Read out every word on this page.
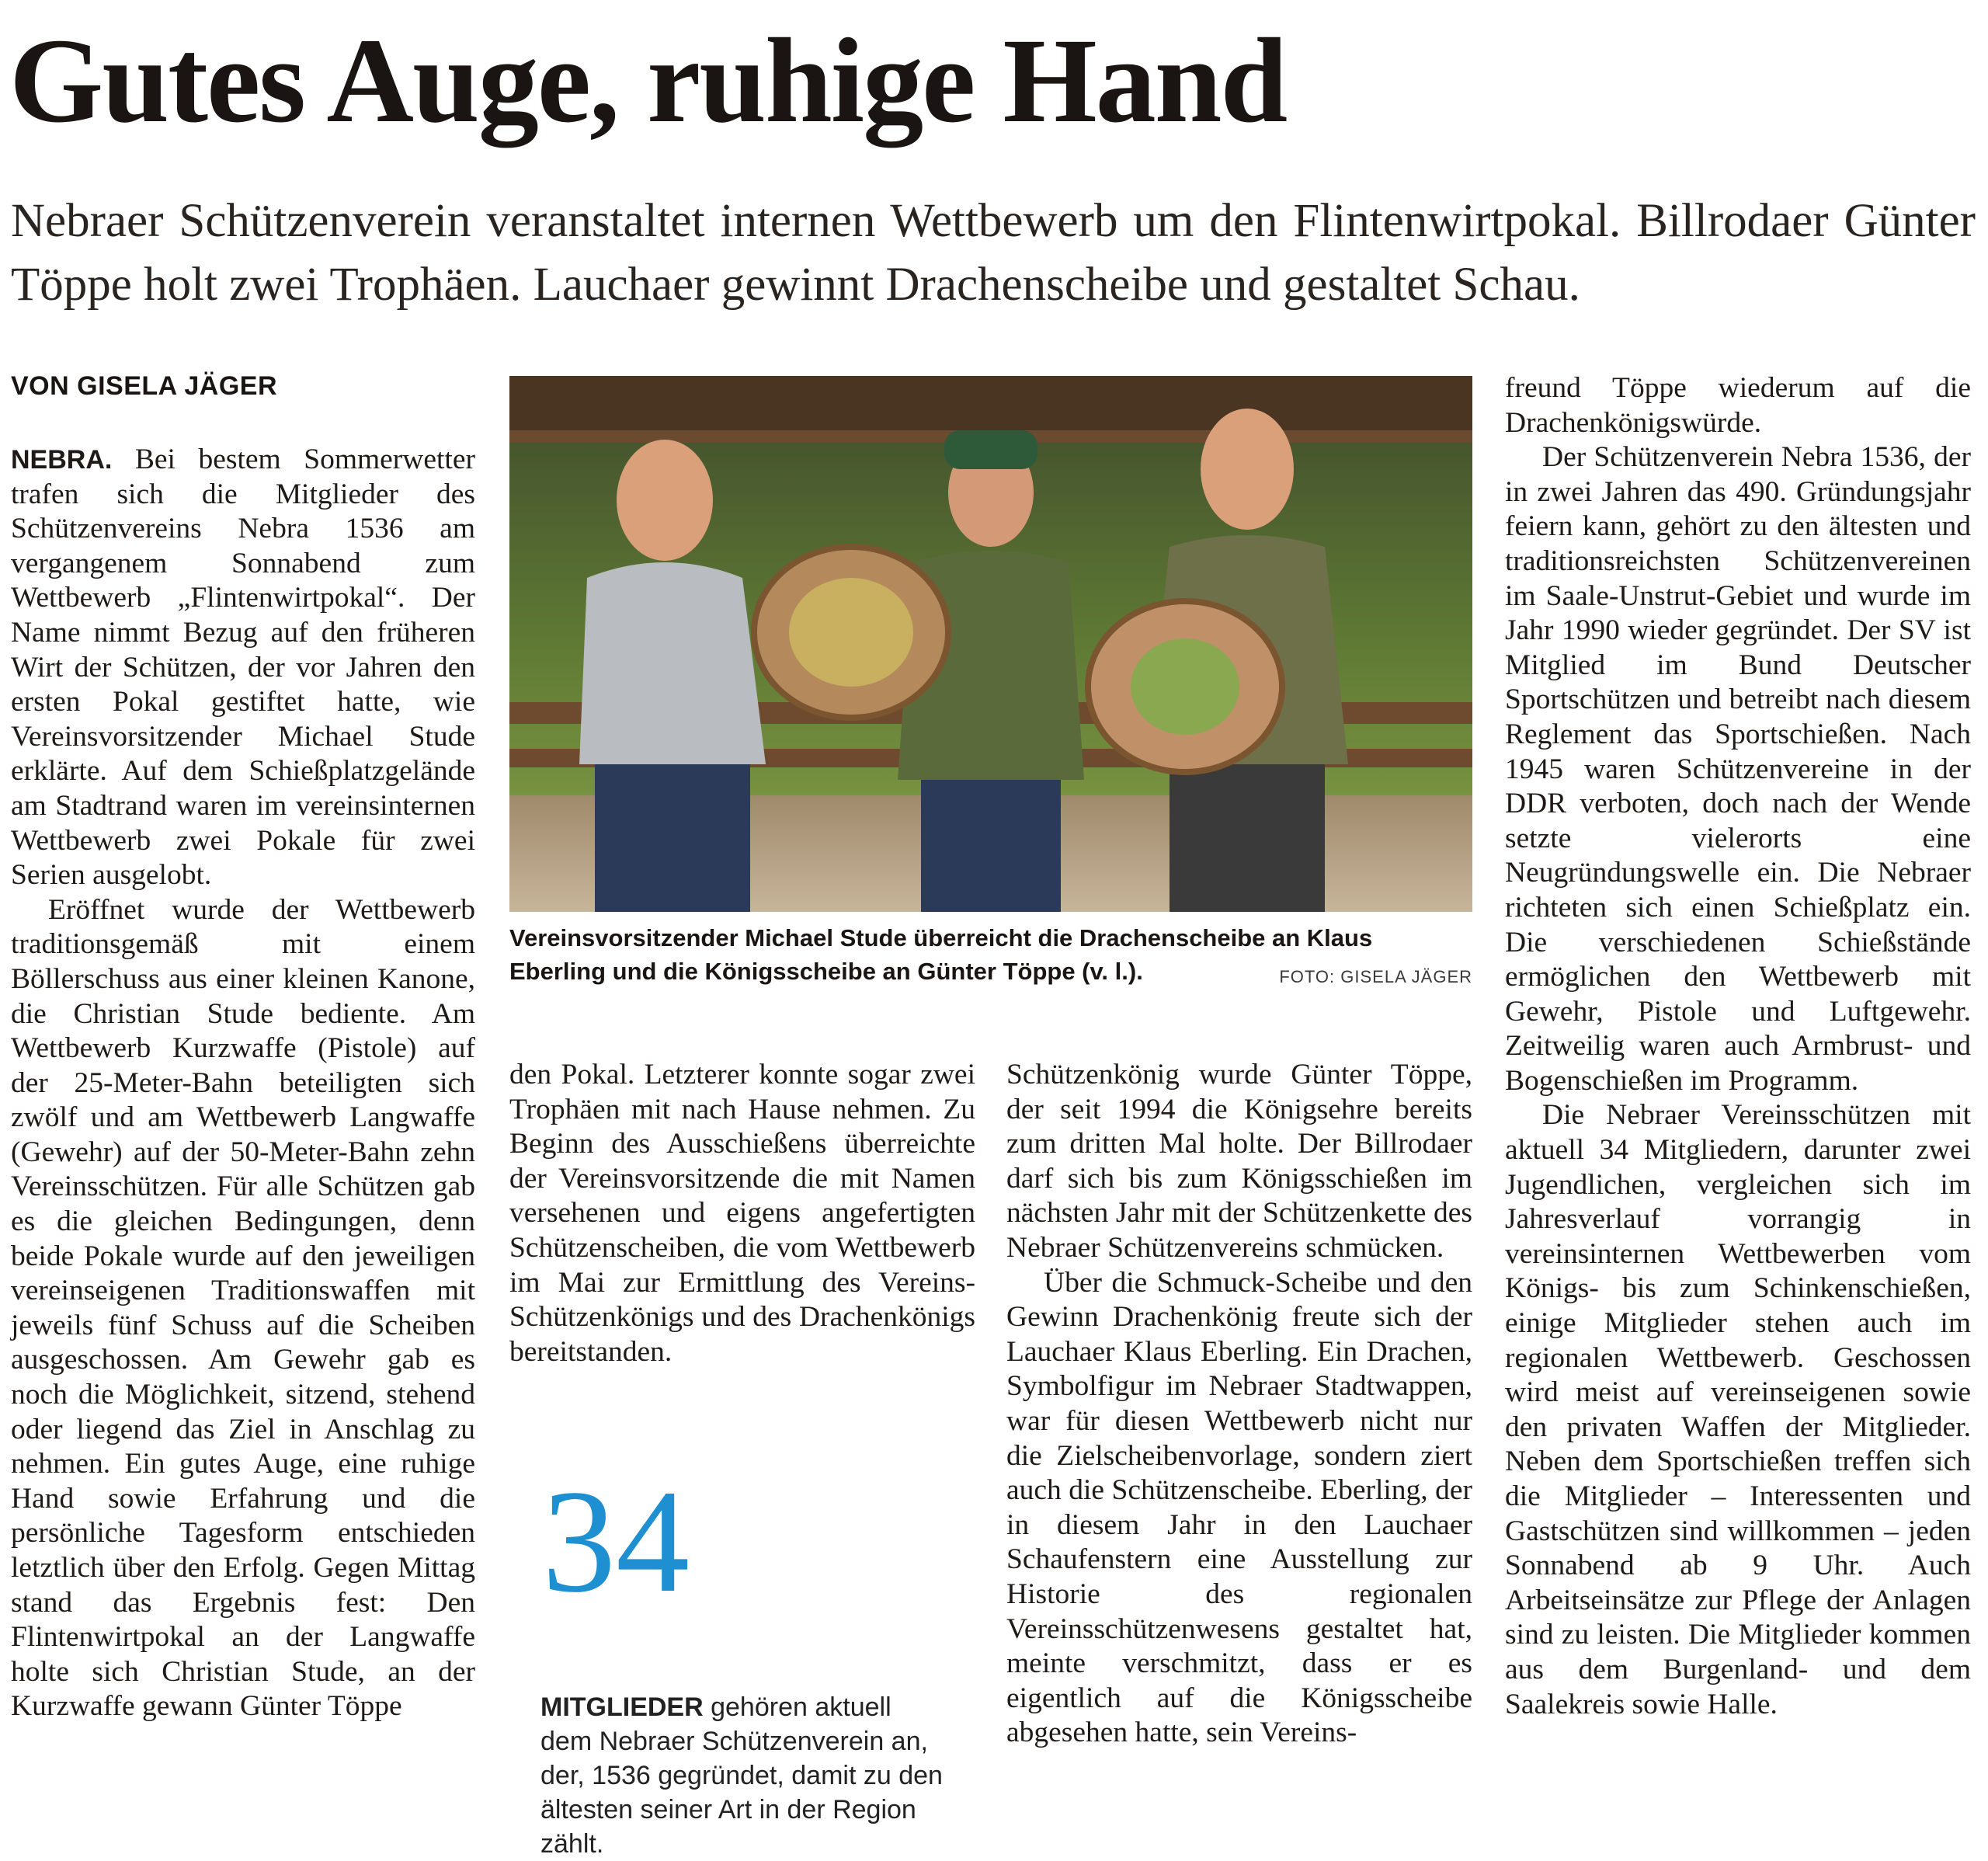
Gutes Auge, ruhige Hand

Nebraer Schützenverein veranstaltet internen Wettbewerb um den Flintenwirtpokal. Billrodaer Günter Töppe holt zwei Trophäen. Lauchaer gewinnt Drachenscheibe und gestaltet Schau.

VON GISELA JÄGER

NEBRA. Bei bestem Sommerwetter trafen sich die Mitglieder des Schützenvereins Nebra 1536 am vergangenem Sonnabend zum Wettbewerb „Flintenwirtpokal“. Der Name nimmt Bezug auf den früheren Wirt der Schützen, der vor Jahren den ersten Pokal gestiftet hatte, wie Vereinsvorsitzender Michael Stude erklärte. Auf dem Schießplatzgelände am Stadtrand waren im vereinsinternen Wettbewerb zwei Pokale für zwei Serien ausgelobt.

Eröffnet wurde der Wettbewerb traditionsgemäß mit einem Böllerschuss aus einer kleinen Kanone, die Christian Stude bediente. Am Wettbewerb Kurzwaffe (Pistole) auf der 25-Meter-Bahn beteiligten sich zwölf und am Wettbewerb Langwaffe (Gewehr) auf der 50-Meter-Bahn zehn Vereinsschützen. Für alle Schützen gab es die gleichen Bedingungen, denn beide Pokale wurde auf den jeweiligen vereinseigenen Traditionswaffen mit jeweils fünf Schuss auf die Scheiben ausgeschossen. Am Gewehr gab es noch die Möglichkeit, sitzend, stehend oder liegend das Ziel in Anschlag zu nehmen. Ein gutes Auge, eine ruhige Hand sowie Erfahrung und die persönliche Tagesform entschieden letztlich über den Erfolg. Gegen Mittag stand das Ergebnis fest: Den Flintenwirtpokal an der Langwaffe holte sich Christian Stude, an der Kurzwaffe gewann Günter Töppe

Vereinsvorsitzender Michael Stude überreicht die Drachenscheibe an Klaus Eberling und die Königsscheibe an Günter Töppe (v. l.).	FOTO: GISELA JÄGER

den Pokal. Letzterer konnte sogar zwei Trophäen mit nach Hause nehmen. Zu Beginn des Ausschießens überreichte der Vereinsvorsitzende die mit Namen versehenen und eigens angefertigten Schützenscheiben, die vom Wettbewerb im Mai zur Ermittlung des Vereins-Schützenkönigs und des Drachenkönigs bereitstanden.

34
MITGLIEDER gehören aktuell dem Nebraer Schützenverein an, der, 1536 gegründet, damit zu den ältesten seiner Art in der Region zählt.

Schützenkönig wurde Günter Töppe, der seit 1994 die Königsehre bereits zum dritten Mal holte. Der Billrodaer darf sich bis zum Königsschießen im nächsten Jahr mit der Schützenkette des Nebraer Schützenvereins schmücken.

Über die Schmuck-Scheibe und den Gewinn Drachenkönig freute sich der Lauchaer Klaus Eberling. Ein Drachen, Symbolfigur im Nebraer Stadtwappen, war für diesen Wettbewerb nicht nur die Zielscheibenvorlage, sondern ziert auch die Schützenscheibe. Eberling, der in diesem Jahr in den Lauchaer Schaufenstern eine Ausstellung zur Historie des regionalen Vereinsschützenwesens gestaltet hat, meinte verschmitzt, dass er es eigentlich auf die Königsscheibe abgesehen hatte, sein Vereins-

freund Töppe wiederum auf die Drachenkönigswürde.

Der Schützenverein Nebra 1536, der in zwei Jahren das 490. Gründungsjahr feiern kann, gehört zu den ältesten und traditionsreichsten Schützenvereinen im Saale-Unstrut-Gebiet und wurde im Jahr 1990 wieder gegründet. Der SV ist Mitglied im Bund Deutscher Sportschützen und betreibt nach diesem Reglement das Sportschießen. Nach 1945 waren Schützenvereine in der DDR verboten, doch nach der Wende setzte vielerorts eine Neugründungswelle ein. Die Nebraer richteten sich einen Schießplatz ein. Die verschiedenen Schießstände ermöglichen den Wettbewerb mit Gewehr, Pistole und Luftgewehr. Zeitweilig waren auch Armbrust- und Bogenschießen im Programm.

Die Nebraer Vereinsschützen mit aktuell 34 Mitgliedern, darunter zwei Jugendlichen, vergleichen sich im Jahresverlauf vorrangig in vereinsinternen Wettbewerben vom Königs- bis zum Schinkenschießen, einige Mitglieder stehen auch im regionalen Wettbewerb. Geschossen wird meist auf vereinseigenen sowie den privaten Waffen der Mitglieder. Neben dem Sportschießen treffen sich die Mitglieder – Interessenten und Gastschützen sind willkommen – jeden Sonnabend ab 9 Uhr. Auch Arbeitseinsätze zur Pflege der Anlagen sind zu leisten. Die Mitglieder kommen aus dem Burgenland- und dem Saalekreis sowie Halle.
